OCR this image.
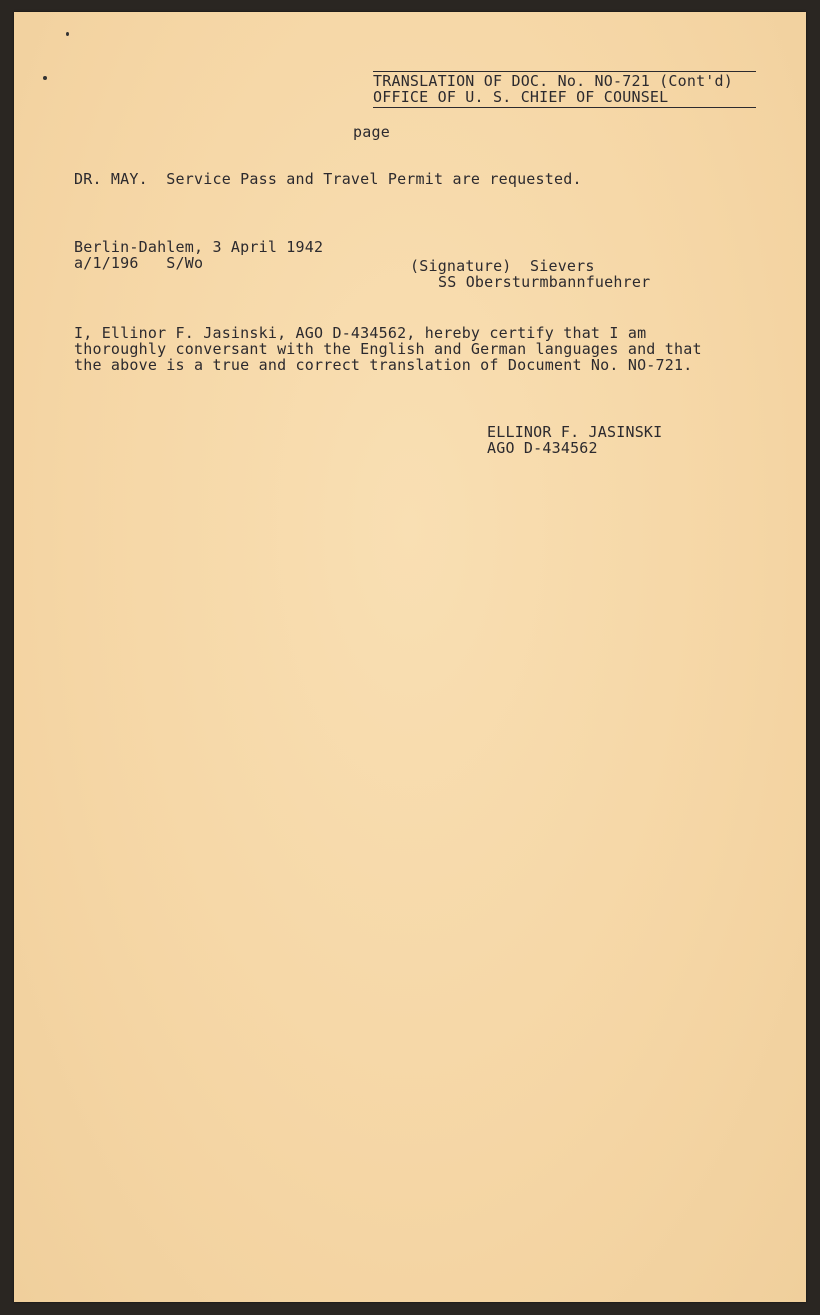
TRANSLATION OF DOC. No. NO-721 (Cont'd)
OFFICE OF U. S. CHIEF OF COUNSEL
page
DR. MAY.  Service Pass and Travel Permit are requested.
Berlin-Dahlem, 3 April 1942
a/1/196   S/Wo	(Signature)  Sievers
SS Obersturmbannfuehrer
I, Ellinor F. Jasinski, AGO D-434562, hereby certify that I am
thoroughly conversant with the English and German languages and that
the above is a true and correct translation of Document No. NO-721.
ELLINOR F. JASINSKI
AGO D-434562
